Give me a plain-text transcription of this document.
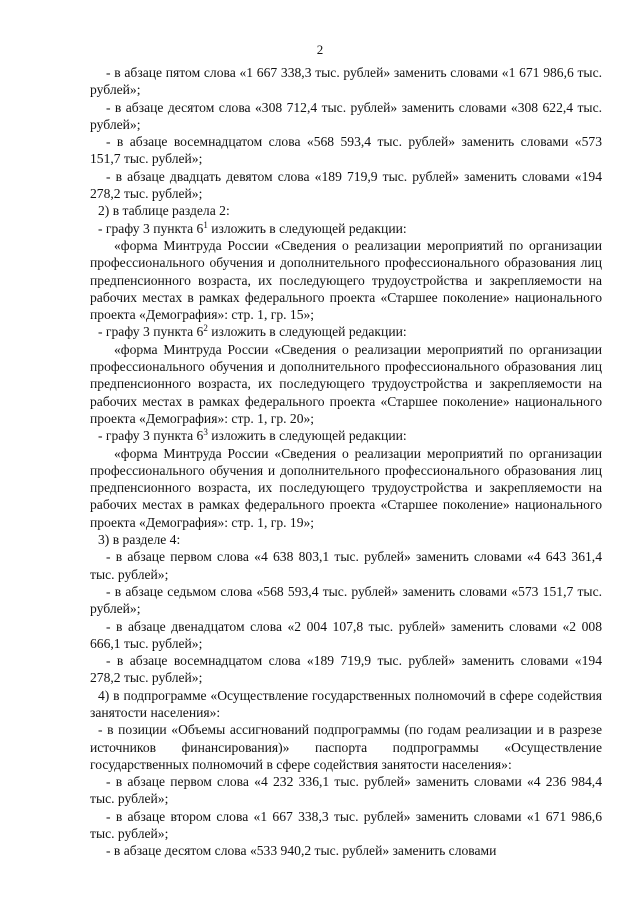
2

- в абзаце пятом слова «1 667 338,3 тыс. рублей» заменить словами «1 671 986,6 тыс. рублей»;

- в абзаце десятом слова «308 712,4 тыс. рублей» заменить словами «308 622,4 тыс. рублей»;

- в абзаце восемнадцатом слова «568 593,4 тыс. рублей» заменить словами «573 151,7 тыс. рублей»;

- в абзаце двадцать девятом слова «189 719,9 тыс. рублей» заменить словами «194 278,2 тыс. рублей»;

2) в таблице раздела 2:

- графу 3 пункта $6^1$ изложить в следующей редакции:

«форма Минтруда России «Сведения о реализации мероприятий по организации профессионального обучения и дополнительного профессионального образования лиц предпенсионного возраста, их последующего трудоустройства и закрепляемости на рабочих местах в рамках федерального проекта «Старшее поколение» национального проекта «Демография»: стр. 1, гр. 15»;

- графу 3 пункта $6^2$ изложить в следующей редакции:

«форма Минтруда России «Сведения о реализации мероприятий по организации профессионального обучения и дополнительного профессионального образования лиц предпенсионного возраста, их последующего трудоустройства и закрепляемости на рабочих местах в рамках федерального проекта «Старшее поколение» национального проекта «Демография»: стр. 1, гр. 20»;

- графу 3 пункта $6^3$ изложить в следующей редакции:

«форма Минтруда России «Сведения о реализации мероприятий по организации профессионального обучения и дополнительного профессионального образования лиц предпенсионного возраста, их последующего трудоустройства и закрепляемости на рабочих местах в рамках федерального проекта «Старшее поколение» национального проекта «Демография»: стр. 1, гр. 19»;

3) в разделе 4:

- в абзаце первом слова «4 638 803,1 тыс. рублей» заменить словами «4 643 361,4 тыс. рублей»;

- в абзаце седьмом слова «568 593,4 тыс. рублей» заменить словами «573 151,7 тыс. рублей»;

- в абзаце двенадцатом слова «2 004 107,8 тыс. рублей» заменить словами «2 008 666,1 тыс. рублей»;

- в абзаце восемнадцатом слова «189 719,9 тыс. рублей» заменить словами «194 278,2 тыс. рублей»;

4) в подпрограмме «Осуществление государственных полномочий в сфере содействия занятости населения»:

- в позиции «Объемы ассигнований подпрограммы (по годам реализации и в разрезе источников финансирования)» паспорта подпрограммы «Осуществление государственных полномочий в сфере содействия занятости населения»:

- в абзаце первом слова «4 232 336,1 тыс. рублей» заменить словами «4 236 984,4 тыс. рублей»;

- в абзаце втором слова «1 667 338,3 тыс. рублей» заменить словами «1 671 986,6 тыс. рублей»;

- в абзаце десятом слова «533 940,2 тыс. рублей» заменить словами
